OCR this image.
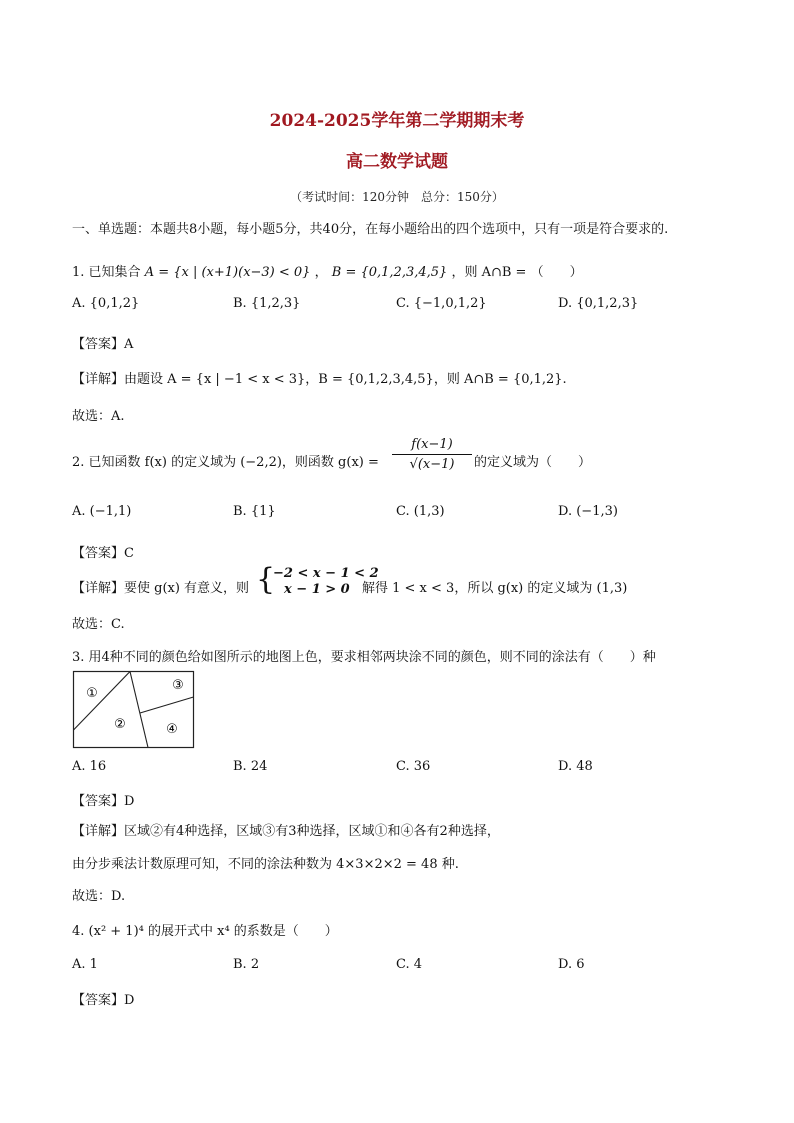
2024-2025学年第二学期期末考
高二数学试题
（考试时间：120分钟　总分：150分）
一、单选题：本题共8小题，每小题5分，共40分，在每小题给出的四个选项中，只有一项是符合要求的.
1. 已知集合 A = {x | (x+1)(x−3) < 0} ， B = {0,1,2,3,4,5} ，则 A∩B = （　　）
A. {0,1,2}	B. {1,2,3}	C. {−1,0,1,2}	D. {0,1,2,3}
【答案】A
【详解】由题设 A = {x | −1 < x < 3}，B = {0,1,2,3,4,5}，则 A∩B = {0,1,2}.
故选：A.
2. 已知函数 f(x) 的定义域为 (−2,2)，则函数 $g(x) = \frac{f(x-1)}{√(x-1)}$ 的定义域为（　　）
A. (−1,1)	B. {1}	C. (1,3)	D. (−1,3)
【答案】C
【详解】要使 g(x) 有意义，则 {
−2 < x − 1 < 2
x − 1 > 0 解得 1 < x < 3，所以 g(x) 的定义域为 (1,3)
故选：C.
3. 用4种不同的颜色给如图所示的地图上色，要求相邻两块涂不同的颜色，则不同的涂法有（　　）种
①
②
③
④
A. 16	B. 24	C. 36	D. 48
【答案】D
【详解】区域②有4种选择，区域③有3种选择，区域①和④各有2种选择，
由分步乘法计数原理可知，不同的涂法种数为 4×3×2×2 = 48 种.
故选：D.
4. (x² + 1)⁴ 的展开式中 x⁴ 的系数是（　　）
A. 1	B. 2	C. 4	D. 6
【答案】D
